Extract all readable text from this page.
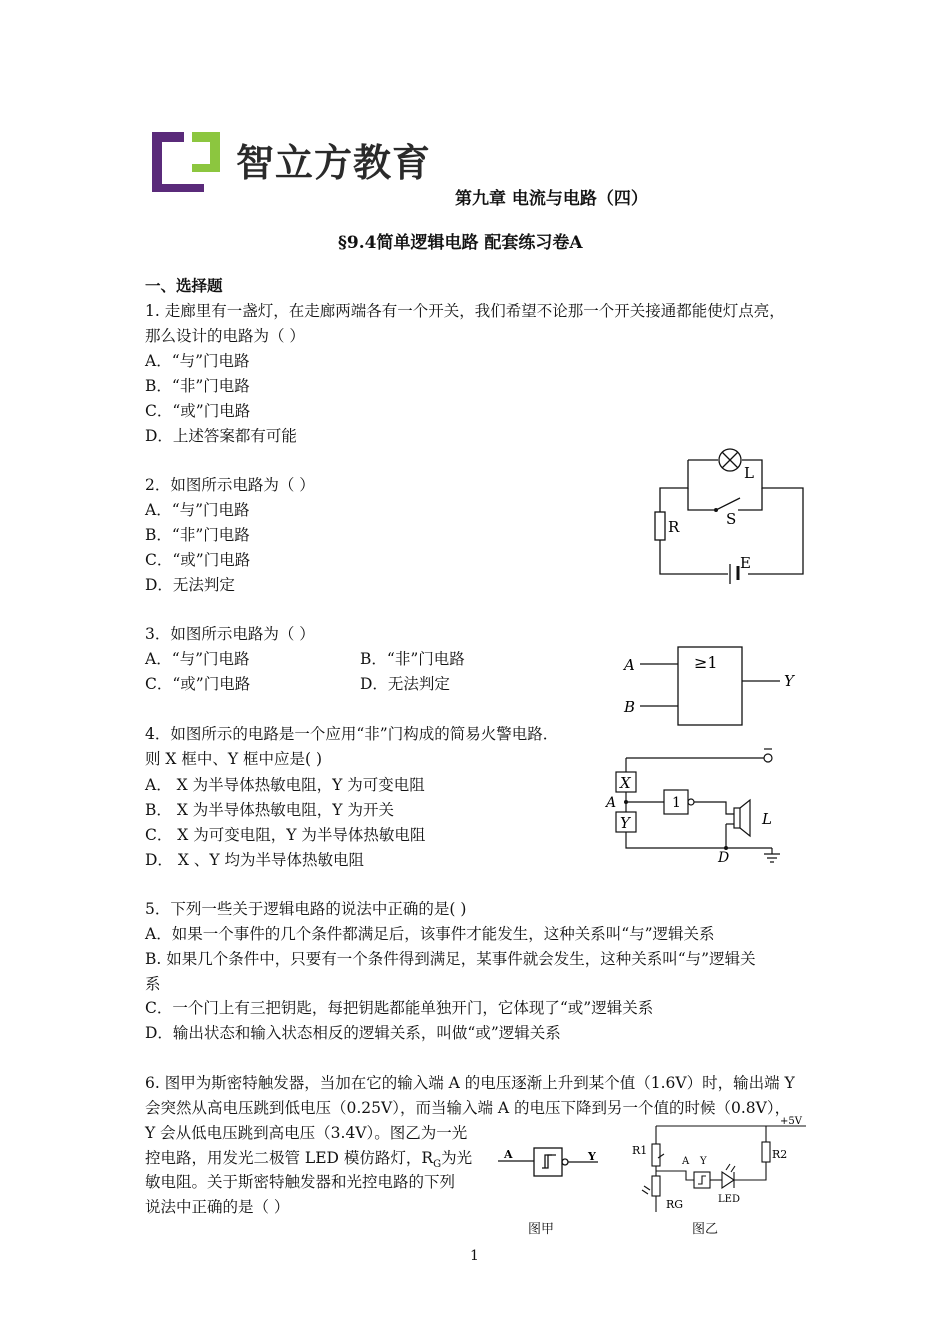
智立方教育
第九章 电流与电路（四）
§9.4简单逻辑电路 配套练习卷A
一、选择题
1. 走廊里有一盏灯，在走廊两端各有一个开关，我们希望不论那一个开关接通都能使灯点亮，
那么设计的电路为（ ）
A．“与”门电路
B．“非”门电路
C．“或”门电路
D．上述答案都有可能
2．如图所示电路为（ ）
A．“与”门电路
B．“非”门电路
C．“或”门电路
D．无法判定
L
S
R
E
3．如图所示电路为（ ）
A．“与”门电路	B．“非”门电路
C．“或”门电路	D．无法判定
≥1
A
B
Y
4．如图所示的电路是一个应用“非”门构成的简易火警电路．
则 X 框中、Y 框中应是( )
A． X 为半导体热敏电阻，Y 为可变电阻
B． X 为半导体热敏电阻，Y 为开关
C． X 为可变电阻，Y 为半导体热敏电阻
D． X 、Y 均为半导体热敏电阻
X
Y
A	1
L
D
5．下列一些关于逻辑电路的说法中正确的是( )
A．如果一个事件的几个条件都满足后，该事件才能发生，这种关系叫“与”逻辑关系
B. 如果几个条件中，只要有一个条件得到满足，某事件就会发生，这种关系叫“与”逻辑关
系
C．一个门上有三把钥匙，每把钥匙都能单独开门，它体现了“或”逻辑关系
D．输出状态和输入状态相反的逻辑关系，叫做“或”逻辑关系
6. 图甲为斯密特触发器，当加在它的输入端 A 的电压逐渐上升到某个值（1.6V）时，输出端 Y
会突然从高电压跳到低电压（0.25V），而当输入端 A 的电压下降到另一个值的时候（0.8V），
Y 会从低电压跳到高电压（3.4V）。图乙为一光
控电路，用发光二极管 LED 模仿路灯，$R_G$为光
敏电阻。关于斯密特触发器和光控电路的下列
说法中正确的是（ ）
A	Y
图甲
+5V
R1	R2
RG
A Y
LED
图乙
1
